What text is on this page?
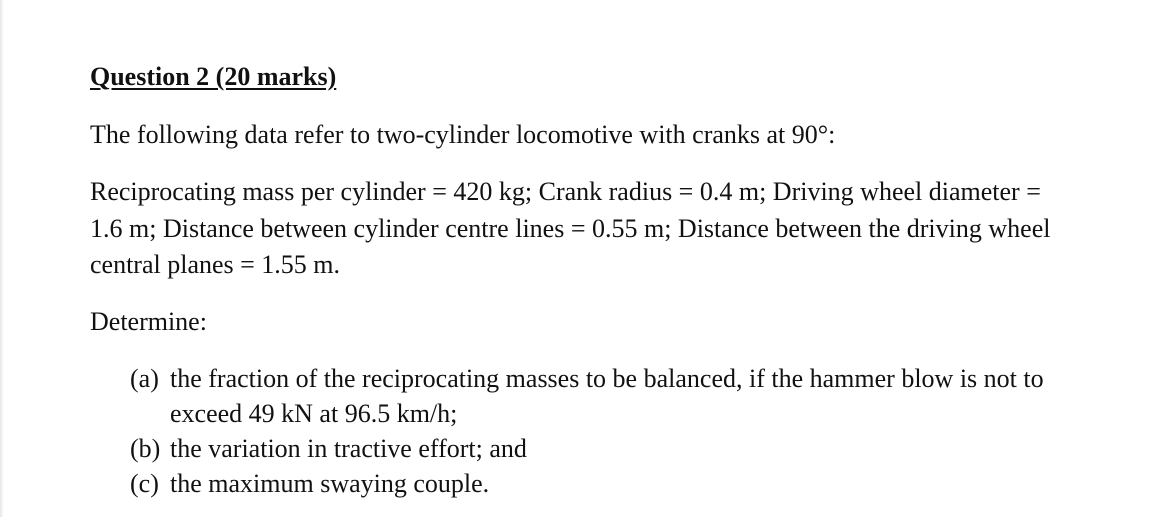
Question 2 (20 marks)
The following data refer to two-cylinder locomotive with cranks at 90°:
Reciprocating mass per cylinder = 420 kg; Crank radius = 0.4 m; Driving wheel diameter =
1.6 m; Distance between cylinder centre lines = 0.55 m; Distance between the driving wheel
central planes = 1.55 m.
Determine:
(a) the fraction of the reciprocating masses to be balanced, if the hammer blow is not to
exceed 49 kN at 96.5 km/h;
(b) the variation in tractive effort; and
(c) the maximum swaying couple.
